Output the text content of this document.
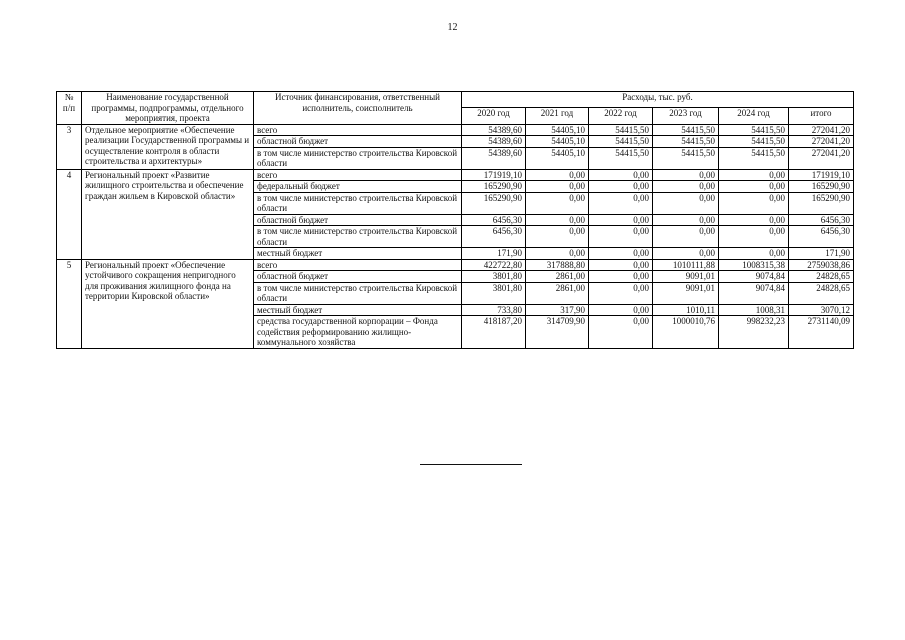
12
№ п/п	Наименование государственной программы, подпрограммы, отдельного мероприятия, проекта	Источник финансирования, ответственный исполнитель, соисполнитель	Расходы, тыс. руб.					
			2020 год	2021 год	2022 год	2023 год	2024 год	итого
3	Отдельное мероприятие «Обеспечение реализации Государственной программы и осуществление контроля в области строительства и архитектуры»	всего	54389,60	54405,10	54415,50	54415,50	54415,50	272041,20
		областной бюджет	54389,60	54405,10	54415,50	54415,50	54415,50	272041,20
		в том числе министерство строительства Кировской области	54389,60	54405,10	54415,50	54415,50	54415,50	272041,20
4	Региональный проект «Развитие жилищного строительства и обеспечение граждан жильем в Кировской области»	всего	171919,10	0,00	0,00	0,00	0,00	171919,10
		федеральный бюджет	165290,90	0,00	0,00	0,00	0,00	165290,90
		в том числе министерство строительства Кировской области	165290,90	0,00	0,00	0,00	0,00	165290,90
		областной бюджет	6456,30	0,00	0,00	0,00	0,00	6456,30
		в том числе министерство строительства Кировской области	6456,30	0,00	0,00	0,00	0,00	6456,30
		местный бюджет	171,90	0,00	0,00	0,00	0,00	171,90
5	Региональный проект «Обеспечение устойчивого сокращения непригодного для проживания жилищного фонда на территории Кировской области»	всего	422722,80	317888,80	0,00	1010111,88	1008315,38	2759038,86
		областной бюджет	3801,80	2861,00	0,00	9091,01	9074,84	24828,65
		в том числе министерство строительства Кировской области	3801,80	2861,00	0,00	9091,01	9074,84	24828,65
		местный бюджет	733,80	317,90	0,00	1010,11	1008,31	3070,12
		средства государственной корпорации – Фонда содействия реформированию жилищно-коммунального хозяйства	418187,20	314709,90	0,00	1000010,76	998232,23	2731140,09
